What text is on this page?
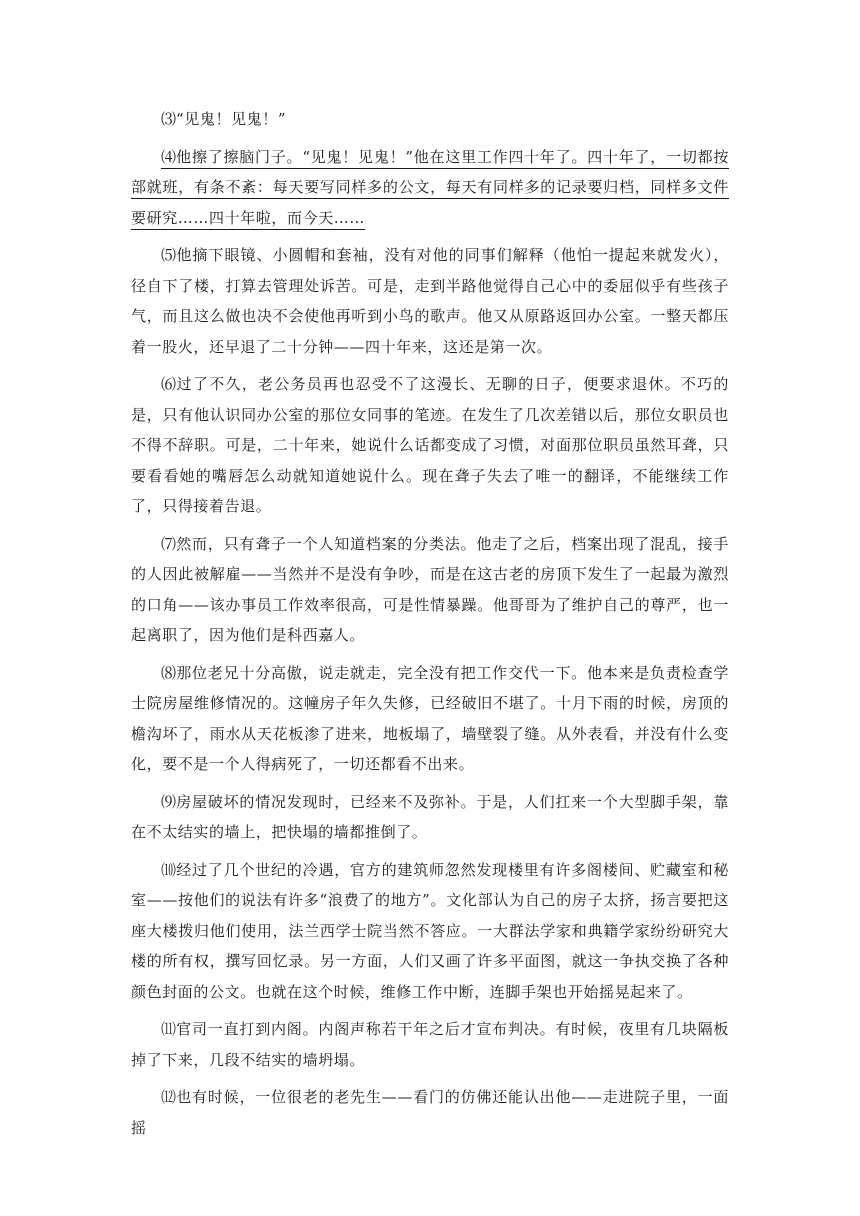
⑶“见鬼！见鬼！”

⑷他擦了擦脑门子。“见鬼！见鬼！”他在这里工作四十年了。四十年了，一切都按部就班，有条不紊：每天要写同样多的公文，每天有同样多的记录要归档，同样多文件要研究……四十年啦，而今天……

⑸他摘下眼镜、小圆帽和套袖，没有对他的同事们解释（他怕一提起来就发火），径自下了楼，打算去管理处诉苦。可是，走到半路他觉得自己心中的委屈似乎有些孩子气，而且这么做也决不会使他再听到小鸟的歌声。他又从原路返回办公室。一整天都压着一股火，还早退了二十分钟——四十年来，这还是第一次。

⑹过了不久，老公务员再也忍受不了这漫长、无聊的日子，便要求退休。不巧的是，只有他认识同办公室的那位女同事的笔迹。在发生了几次差错以后，那位女职员也不得不辞职。可是，二十年来，她说什么话都变成了习惯，对面那位职员虽然耳聋，只要看看她的嘴唇怎么动就知道她说什么。现在聋子失去了唯一的翻译，不能继续工作了，只得接着告退。

⑺然而，只有聋子一个人知道档案的分类法。他走了之后，档案出现了混乱，接手的人因此被解雇——当然并不是没有争吵，而是在这古老的房顶下发生了一起最为激烈的口角——该办事员工作效率很高，可是性情暴躁。他哥哥为了维护自己的尊严，也一起离职了，因为他们是科西嘉人。

⑻那位老兄十分高傲，说走就走，完全没有把工作交代一下。他本来是负责检查学士院房屋维修情况的。这幢房子年久失修，已经破旧不堪了。十月下雨的时候，房顶的檐沟坏了，雨水从天花板渗了进来，地板塌了，墙壁裂了缝。从外表看，并没有什么变化，要不是一个人得病死了，一切还都看不出来。

⑼房屋破坏的情况发现时，已经来不及弥补。于是，人们扛来一个大型脚手架，靠在不太结实的墙上，把快塌的墙都推倒了。

⑽经过了几个世纪的冷遇，官方的建筑师忽然发现楼里有许多阁楼间、贮藏室和秘室——按他们的说法有许多“浪费了的地方”。文化部认为自己的房子太挤，扬言要把这座大楼拨归他们使用，法兰西学士院当然不答应。一大群法学家和典籍学家纷纷研究大楼的所有权，撰写回忆录。另一方面，人们又画了许多平面图，就这一争执交换了各种颜色封面的公文。也就在这个时候，维修工作中断，连脚手架也开始摇晃起来了。

⑾官司一直打到内阁。内阁声称若干年之后才宣布判决。有时候，夜里有几块隔板掉了下来，几段不结实的墙坍塌。

⑿也有时候，一位很老的老先生——看门的仿佛还能认出他——走进院子里，一面摇
